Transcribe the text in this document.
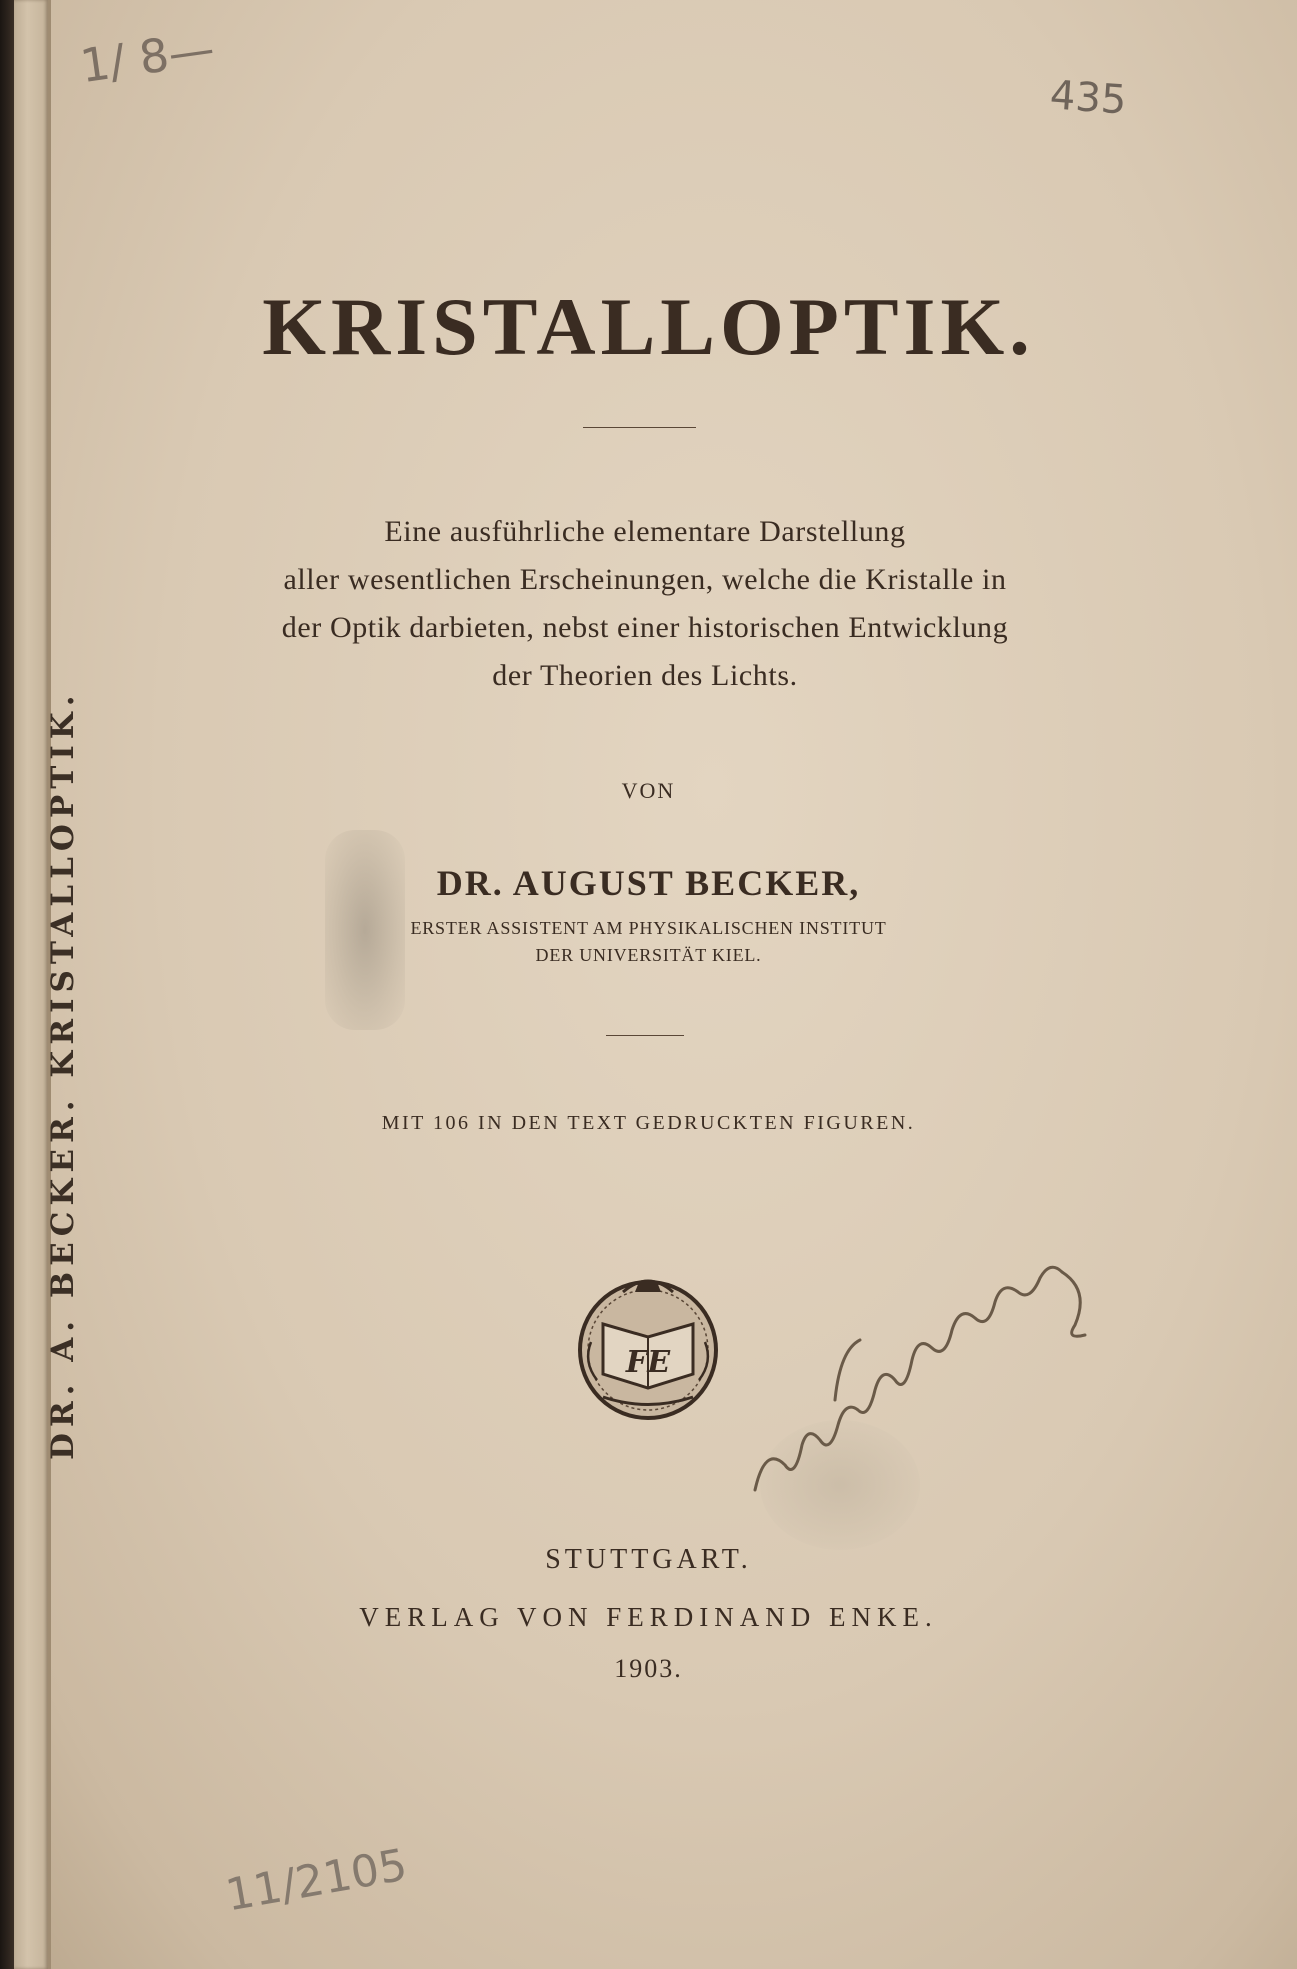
DR. A. BECKER. KRISTALLOPTIK.
1/ 8—
435
11/2105
KRISTALLOPTIK.
Eine ausführliche elementare Darstellung
aller wesentlichen Erscheinungen, welche die Kristalle in
der Optik darbieten, nebst einer historischen Entwicklung
der Theorien des Lichts.
VON
DR. AUGUST BECKER,
ERSTER ASSISTENT AM PHYSIKALISCHEN INSTITUT
DER UNIVERSITÄT KIEL.
MIT 106 IN DEN TEXT GEDRUCKTEN FIGUREN.
FE
STUTTGART.
VERLAG VON FERDINAND ENKE.
1903.
